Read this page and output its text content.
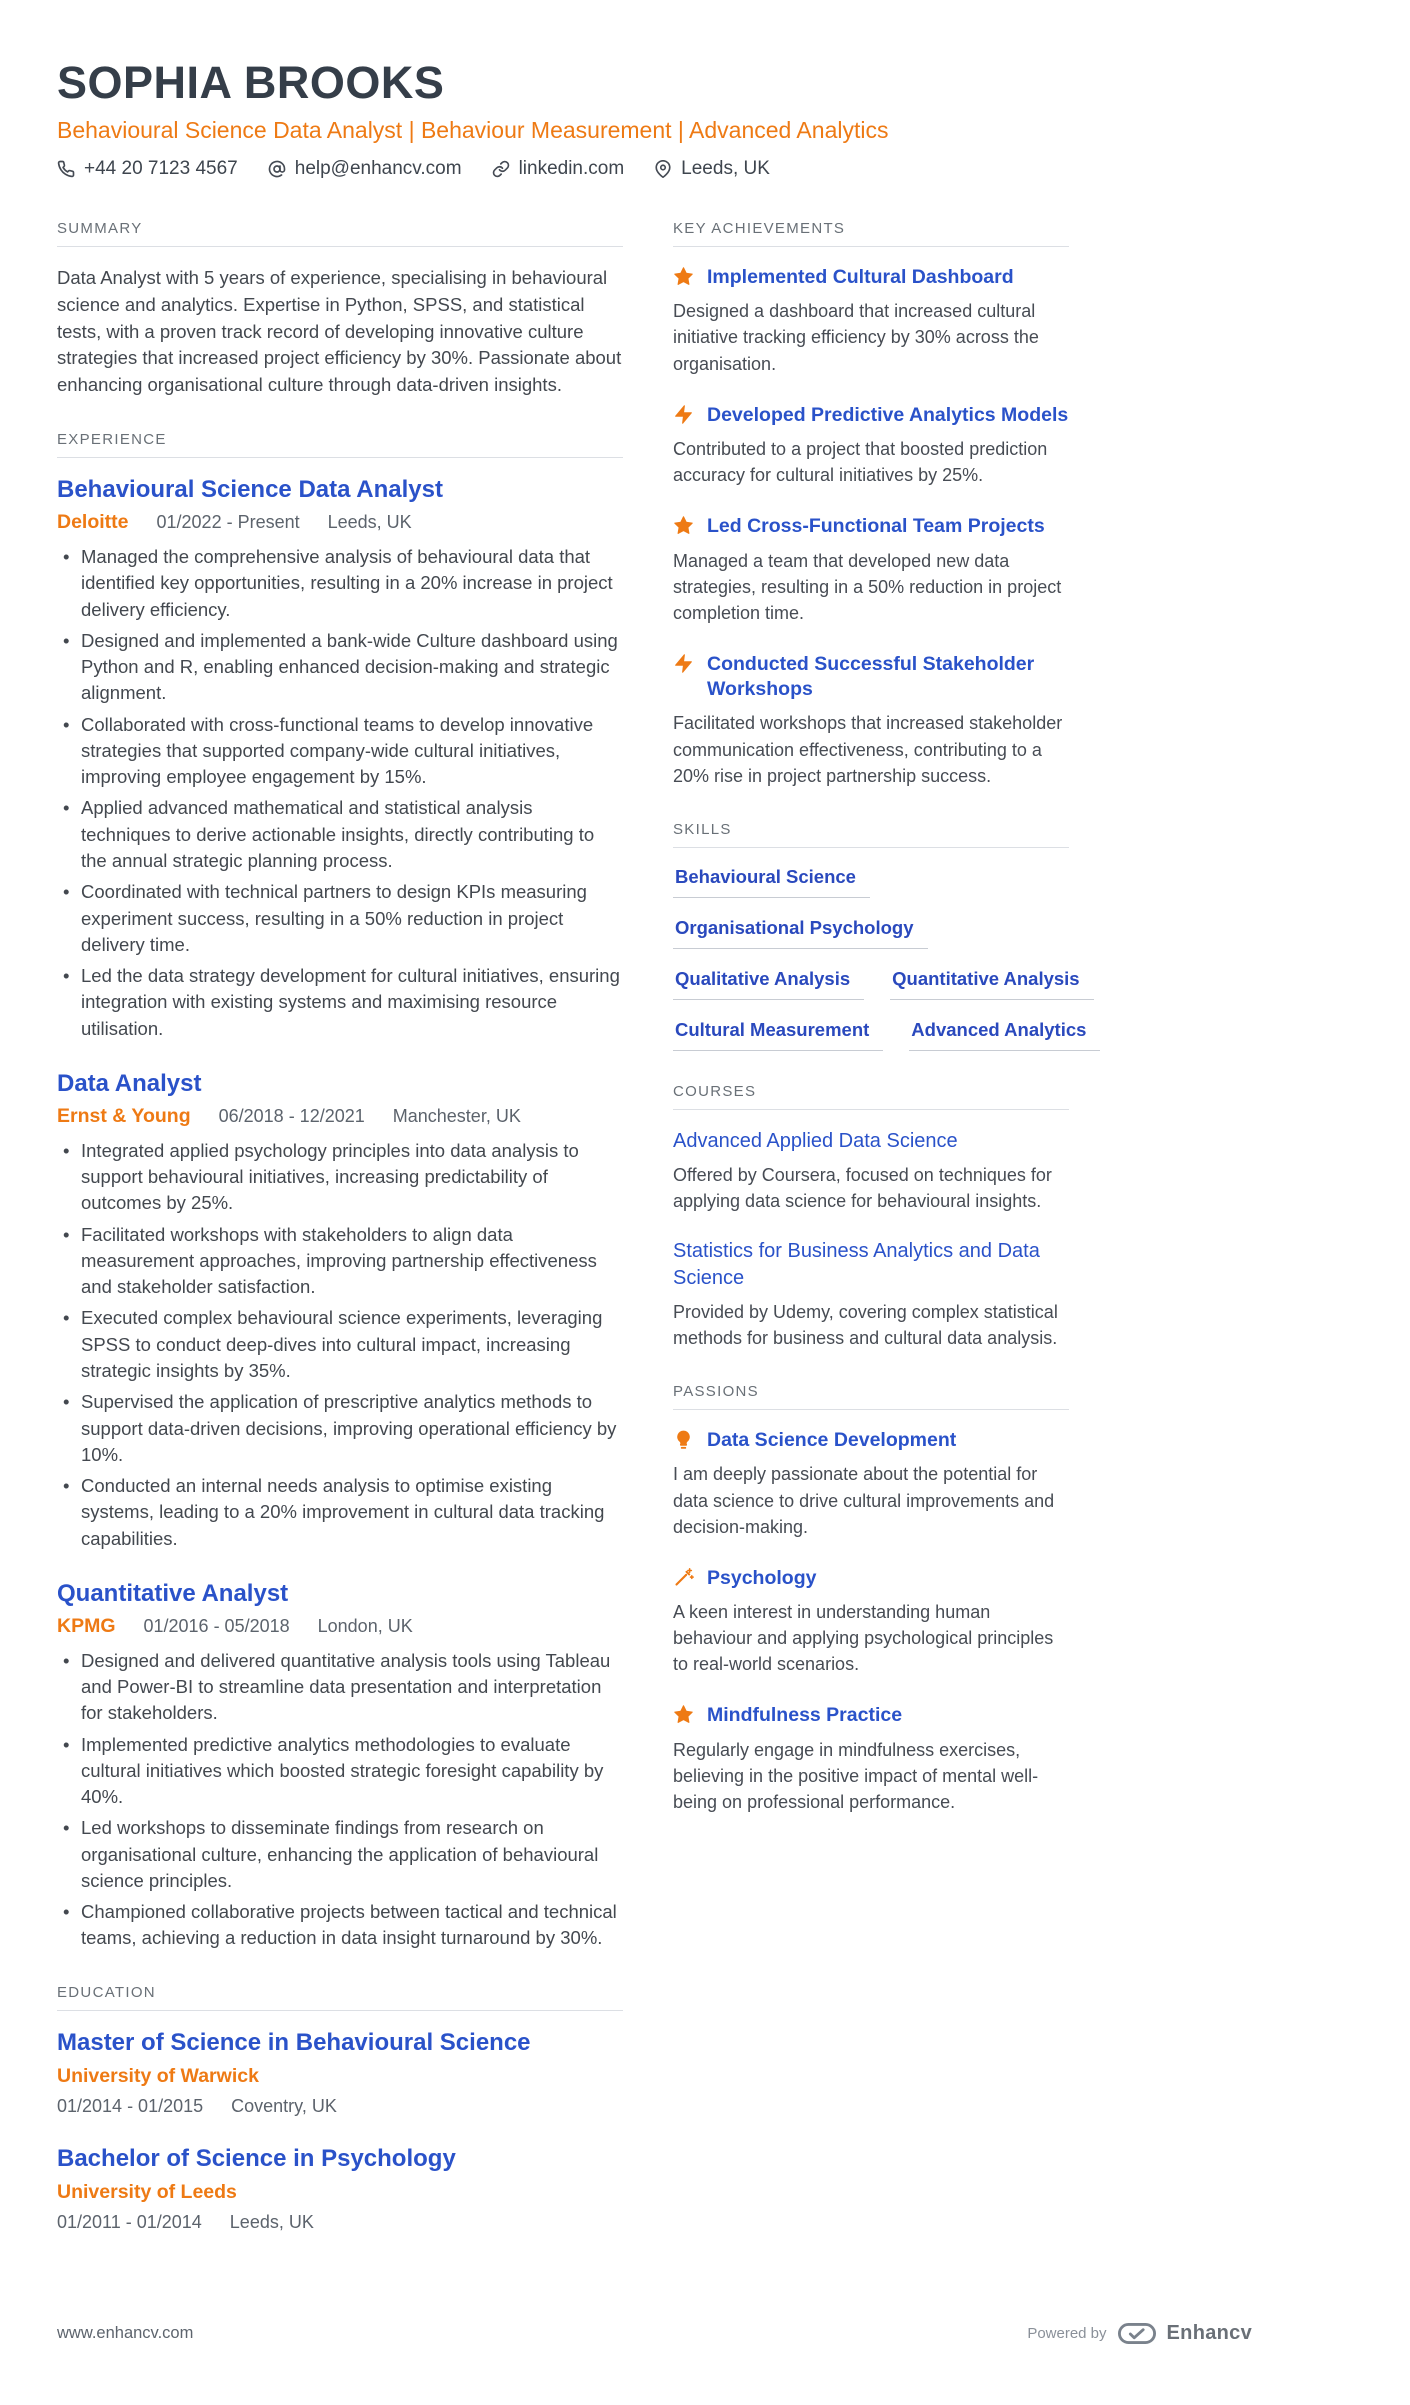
SOPHIA BROOKS
Behavioural Science Data Analyst | Behaviour Measurement | Advanced Analytics
+44 20 7123 4567	help@enhancv.com	linkedin.com	Leeds, UK
SUMMARY

Data Analyst with 5 years of experience, specialising in behavioural science and analytics. Expertise in Python, SPSS, and statistical tests, with a proven track record of developing innovative culture strategies that increased project efficiency by 30%. Passionate about enhancing organisational culture through data-driven insights.

EXPERIENCE
Behavioural Science Data Analyst
Deloitte 01/2022 - Present Leeds, UK
• Managed the comprehensive analysis of behavioural data that identified key opportunities, resulting in a 20% increase in project delivery efficiency.
• Designed and implemented a bank-wide Culture dashboard using Python and R, enabling enhanced decision-making and strategic alignment.
• Collaborated with cross-functional teams to develop innovative strategies that supported company-wide cultural initiatives, improving employee engagement by 15%.
• Applied advanced mathematical and statistical analysis techniques to derive actionable insights, directly contributing to the annual strategic planning process.
• Coordinated with technical partners to design KPIs measuring experiment success, resulting in a 50% reduction in project delivery time.
• Led the data strategy development for cultural initiatives, ensuring integration with existing systems and maximising resource utilisation.
Data Analyst
Ernst & Young 06/2018 - 12/2021 Manchester, UK
• Integrated applied psychology principles into data analysis to support behavioural initiatives, increasing predictability of outcomes by 25%.
• Facilitated workshops with stakeholders to align data measurement approaches, improving partnership effectiveness and stakeholder satisfaction.
• Executed complex behavioural science experiments, leveraging SPSS to conduct deep-dives into cultural impact, increasing strategic insights by 35%.
• Supervised the application of prescriptive analytics methods to support data-driven decisions, improving operational efficiency by 10%.
• Conducted an internal needs analysis to optimise existing systems, leading to a 20% improvement in cultural data tracking capabilities.
Quantitative Analyst
KPMG 01/2016 - 05/2018 London, UK
• Designed and delivered quantitative analysis tools using Tableau and Power-BI to streamline data presentation and interpretation for stakeholders.
• Implemented predictive analytics methodologies to evaluate cultural initiatives which boosted strategic foresight capability by 40%.
• Led workshops to disseminate findings from research on organisational culture, enhancing the application of behavioural science principles.
• Championed collaborative projects between tactical and technical teams, achieving a reduction in data insight turnaround by 30%.
EDUCATION
Master of Science in Behavioural Science
University of Warwick
01/2014 - 01/2015 Coventry, UK
Bachelor of Science in Psychology
University of Leeds
01/2011 - 01/2014 Leeds, UK
KEY ACHIEVEMENTS
Implemented Cultural Dashboard
Designed a dashboard that increased cultural initiative tracking efficiency by 30% across the organisation.
Developed Predictive Analytics Models
Contributed to a project that boosted prediction accuracy for cultural initiatives by 25%.
Led Cross-Functional Team Projects
Managed a team that developed new data strategies, resulting in a 50% reduction in project completion time.
Conducted Successful Stakeholder Workshops
Facilitated workshops that increased stakeholder communication effectiveness, contributing to a 20% rise in project partnership success.
SKILLS
Behavioural Science
Organisational Psychology
Qualitative Analysis	Quantitative Analysis
Cultural Measurement	Advanced Analytics
COURSES
Advanced Applied Data Science
Offered by Coursera, focused on techniques for applying data science for behavioural insights.
Statistics for Business Analytics and Data Science
Provided by Udemy, covering complex statistical methods for business and cultural data analysis.
PASSIONS
Data Science Development
I am deeply passionate about the potential for data science to drive cultural improvements and decision-making.
Psychology
A keen interest in understanding human behaviour and applying psychological principles to real-world scenarios.
Mindfulness Practice
Regularly engage in mindfulness exercises, believing in the positive impact of mental well-being on professional performance.
www.enhancv.com	Powered by	Enhancv
